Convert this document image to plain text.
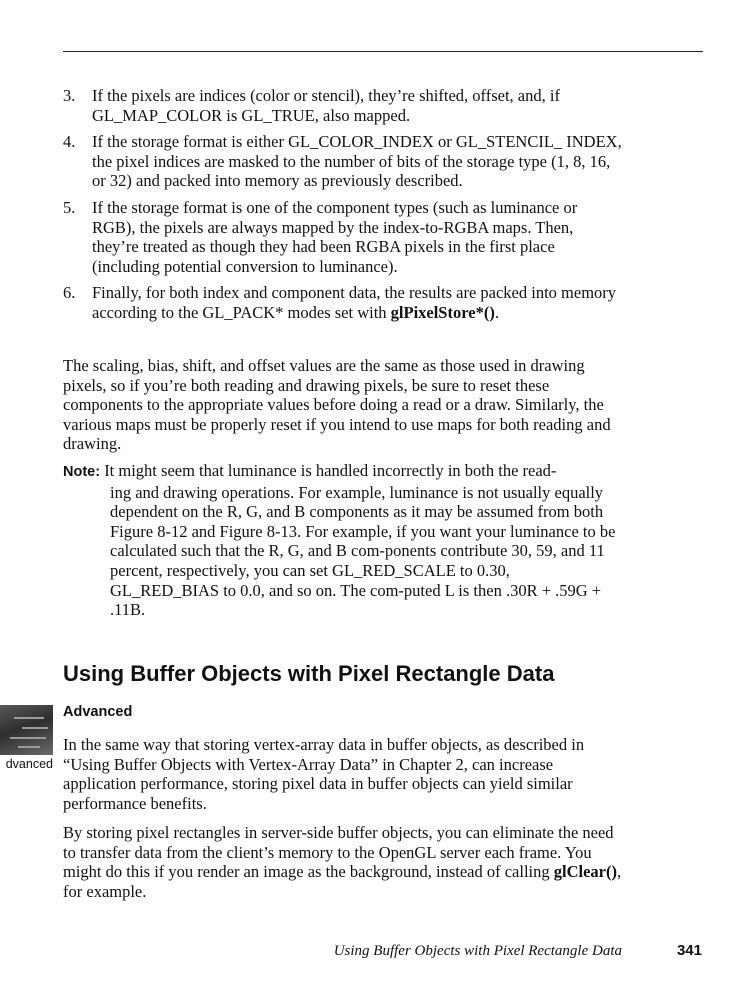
3. If the pixels are indices (color or stencil), they’re shifted, offset, and, if GL_MAP_COLOR is GL_TRUE, also mapped.
4. If the storage format is either GL_COLOR_INDEX or GL_STENCIL_ INDEX, the pixel indices are masked to the number of bits of the storage type (1, 8, 16, or 32) and packed into memory as previously described.
5. If the storage format is one of the component types (such as luminance or RGB), the pixels are always mapped by the index-to-RGBA maps. Then, they’re treated as though they had been RGBA pixels in the first place (including potential conversion to luminance).
6. Finally, for both index and component data, the results are packed into memory according to the GL_PACK* modes set with glPixelStore*().

The scaling, bias, shift, and offset values are the same as those used in drawing pixels, so if you’re both reading and drawing pixels, be sure to reset these components to the appropriate values before doing a read or a draw. Similarly, the various maps must be properly reset if you intend to use maps for both reading and drawing.

Note: It might seem that luminance is handled incorrectly in both the read-

ing and drawing operations. For example, luminance is not usually equally dependent on the R, G, and B components as it may be assumed from both Figure 8-12 and Figure 8-13. For example, if you want your luminance to be calculated such that the R, G, and B com-ponents contribute 30, 59, and 11 percent, respectively, you can set GL_RED_SCALE to 0.30, GL_RED_BIAS to 0.0, and so on. The com-puted L is then .30R + .59G + .11B.

Using Buffer Objects with Pixel Rectangle Data
dvanced
Advanced

In the same way that storing vertex-array data in buffer objects, as described in “Using Buffer Objects with Vertex-Array Data” in Chapter 2, can increase application performance, storing pixel data in buffer objects can yield similar performance benefits.

By storing pixel rectangles in server-side buffer objects, you can eliminate the need to transfer data from the client’s memory to the OpenGL server each frame. You might do this if you render an image as the background, instead of calling glClear(), for example.

Using Buffer Objects with Pixel Rectangle Data	341
